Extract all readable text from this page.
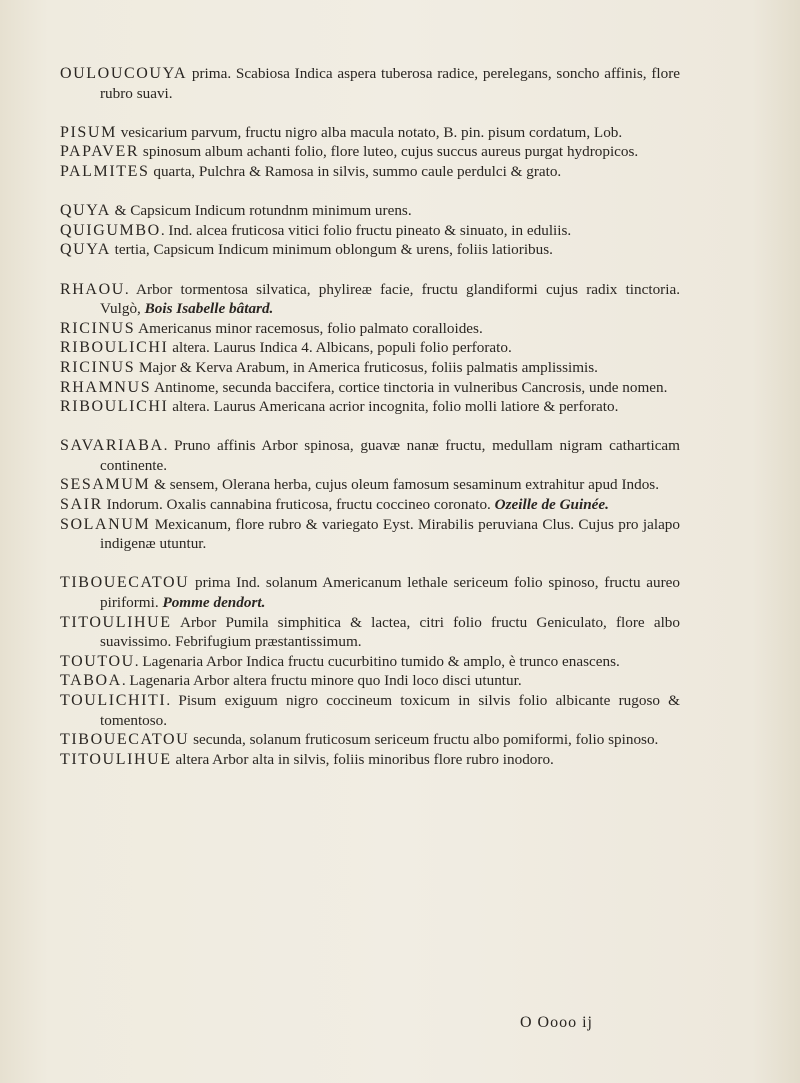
OULOUCOUYA prima. Scabiosa Indica aspera tuberosa radice, perelegans, soncho affinis, flore rubro suavi.

PISUM vesicarium parvum, fructu nigro alba macula notato, B. pin. pisum cordatum, Lob.

PAPAVER spinosum album achanti folio, flore luteo, cujus succus aureus purgat hydropicos.

PALMITES quarta, Pulchra & Ramosa in silvis, summo caule perdulci & grato.

QUYA & Capsicum Indicum rotundnm minimum urens.

QUIGUMBO. Ind. alcea fruticosa vitici folio fructu pineato & sinuato, in eduliis.

QUYA tertia, Capsicum Indicum minimum oblongum & urens, foliis latioribus.

RHAOU. Arbor tormentosa silvatica, phylireæ facie, fructu glandiformi cujus radix tinctoria. Vulgò, Bois Isabelle bâtard.

RICINUS Americanus minor racemosus, folio palmato coralloides.

RIBOULICHI altera. Laurus Indica 4. Albicans, populi folio perforato.

RICINUS Major & Kerva Arabum, in America fruticosus, foliis palmatis amplissimis.

RHAMNUS Antinome, secunda baccifera, cortice tinctoria in vulneribus Cancrosis, unde nomen.

RIBOULICHI altera. Laurus Americana acrior incognita, folio molli latiore & perforato.

SAVARIABA. Pruno affinis Arbor spinosa, guavæ nanæ fructu, medullam nigram catharticam continente.

SESAMUM & sensem, Olerana herba, cujus oleum famosum sesaminum extrahitur apud Indos.

SAIR Indorum. Oxalis cannabina fruticosa, fructu coccineo coronato. Ozeille de Guinée.

SOLANUM Mexicanum, flore rubro & variegato Eyst. Mirabilis peruviana Clus. Cujus pro jalapo indigenæ utuntur.

TIBOUECATOU prima Ind. solanum Americanum lethale sericeum folio spinoso, fructu aureo piriformi. Pomme dendort.

TITOULIHUE Arbor Pumila simphitica & lactea, citri folio fructu Geniculato, flore albo suavissimo. Febrifugium præstantissimum.

TOUTOU. Lagenaria Arbor Indica fructu cucurbitino tumido & amplo, è trunco enascens.

TABOA. Lagenaria Arbor altera fructu minore quo Indi loco disci utuntur.

TOULICHITI. Pisum exiguum nigro coccineum toxicum in silvis folio albicante rugoso & tomentoso.

TIBOUECATOU secunda, solanum fruticosum sericeum fructu albo pomiformi, folio spinoso.

TITOULIHUE altera Arbor alta in silvis, foliis minoribus flore rubro inodoro.

O Oooo ij
